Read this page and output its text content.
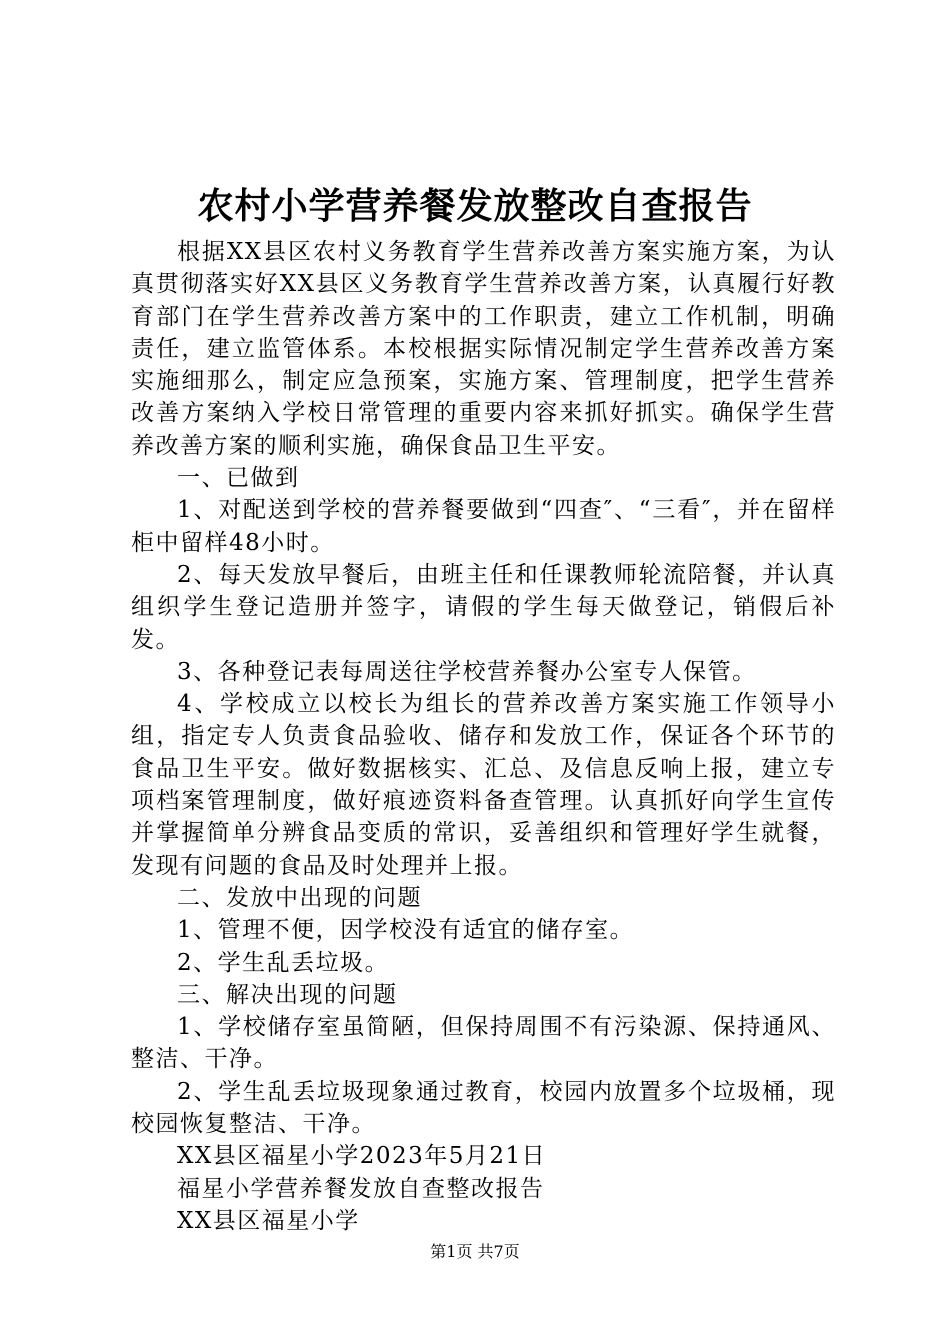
农村小学营养餐发放整改自查报告

根据XX县区农村义务教育学生营养改善方案实施方案，为认真贯彻落实好XX县区义务教育学生营养改善方案，认真履行好教育部门在学生营养改善方案中的工作职责，建立工作机制，明确责任，建立监管体系。本校根据实际情况制定学生营养改善方案实施细那么，制定应急预案，实施方案、管理制度，把学生营养改善方案纳入学校日常管理的重要内容来抓好抓实。确保学生营养改善方案的顺利实施，确保食品卫生平安。

一、已做到

1、对配送到学校的营养餐要做到“四查″、“三看″，并在留样柜中留样48小时。

2、每天发放早餐后，由班主任和任课教师轮流陪餐，并认真组织学生登记造册并签字，请假的学生每天做登记，销假后补发。

3、各种登记表每周送往学校营养餐办公室专人保管。

4、学校成立以校长为组长的营养改善方案实施工作领导小组，指定专人负责食品验收、储存和发放工作，保证各个环节的食品卫生平安。做好数据核实、汇总、及信息反响上报，建立专项档案管理制度，做好痕迹资料备查管理。认真抓好向学生宣传并掌握简单分辨食品变质的常识，妥善组织和管理好学生就餐，发现有问题的食品及时处理并上报。

二、发放中出现的问题

1、管理不便，因学校没有适宜的储存室。

2、学生乱丢垃圾。

三、解决出现的问题

1、学校储存室虽简陋，但保持周围不有污染源、保持通风、整洁、干净。

2、学生乱丢垃圾现象通过教育，校园内放置多个垃圾桶，现校园恢复整洁、干净。

XX县区福星小学2023年5月21日

福星小学营养餐发放自查整改报告

XX县区福星小学

第1页 共7页
